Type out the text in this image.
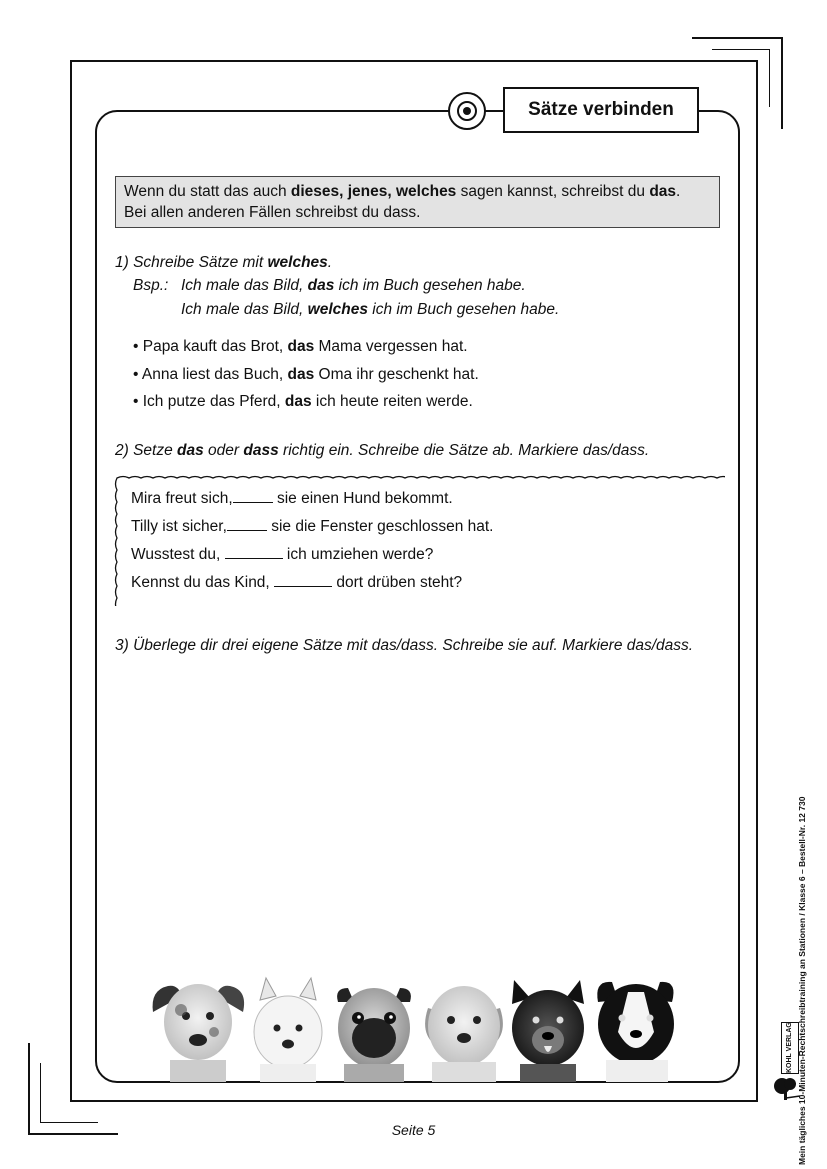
Sätze verbinden
Wenn du statt das auch dieses, jenes, welches sagen kannst, schreibst du das.
Bei allen anderen Fällen schreibst du dass.
1) Schreibe Sätze mit welches.
Bsp.: Ich male das Bild, das ich im Buch gesehen habe.
Ich male das Bild, welches ich im Buch gesehen habe.
• Papa kauft das Brot, das Mama vergessen hat.
• Anna liest das Buch, das Oma ihr geschenkt hat.
• Ich putze das Pferd, das ich heute reiten werde.
2) Setze das oder dass richtig ein. Schreibe die Sätze ab. Markiere das/dass.
Mira freut sich,	sie einen Hund bekommt.
Tilly ist sicher,	sie die Fenster geschlossen hat.
Wusstest du,	ich umziehen werde?
Kennst du das Kind,	dort drüben steht?
3) Überlege dir drei eigene Sätze mit das/dass. Schreibe sie auf. Markiere das/dass.
Mein tägliches 10-Minuten-Rechtschreibtraining an Stationen / Klasse 6 – Bestell-Nr. 12 730
KOHL VERLAG
Seite 5
